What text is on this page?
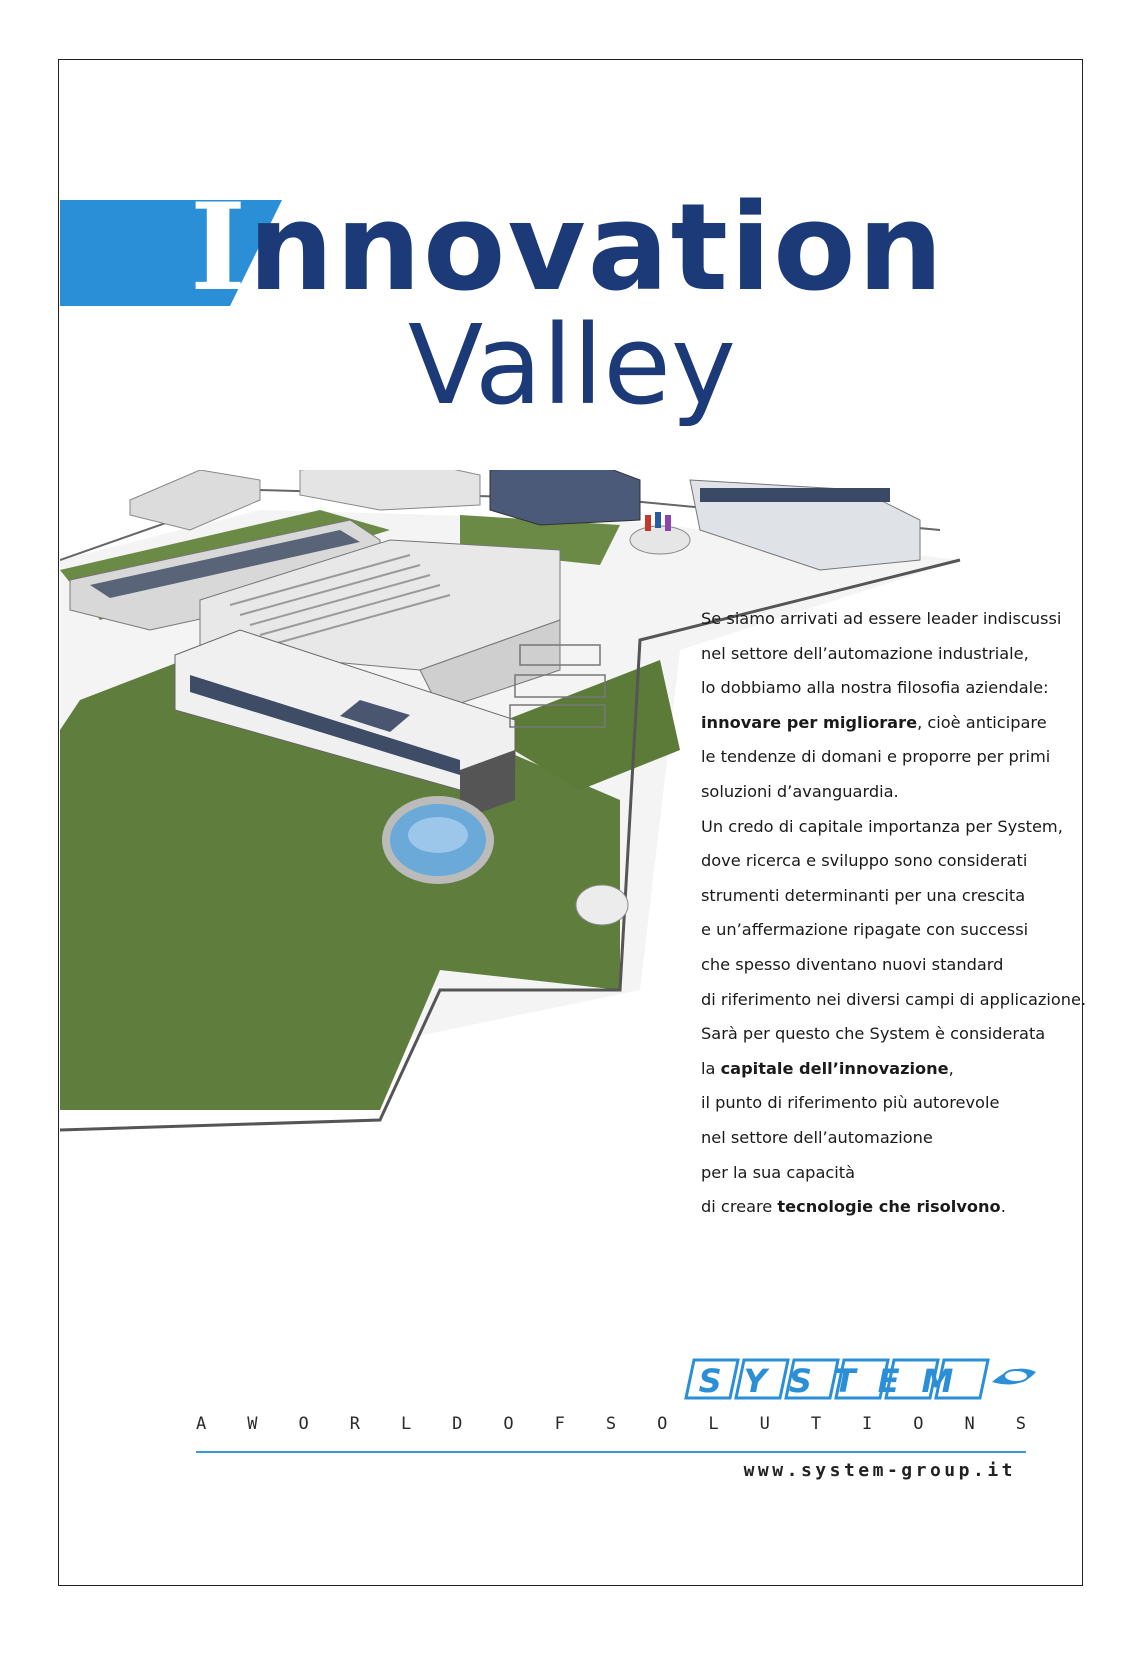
Innovation
Valley

Se siamo arrivati ad essere leader indiscussi

nel settore dell’automazione industriale,

lo dobbiamo alla nostra filosofia aziendale:

innovare per migliorare, cioè anticipare

le tendenze di domani e proporre per primi

soluzioni d’avanguardia.

Un credo di capitale importanza per System,

dove ricerca e sviluppo sono considerati

strumenti determinanti per una crescita

e un’affermazione ripagate con successi

che spesso diventano nuovi standard

di riferimento nei diversi campi di applicazione.

Sarà per questo che System è considerata

la capitale dell’innovazione,

il punto di riferimento più autorevole

nel settore dell’automazione

per la sua capacità

di creare tecnologie che risolvono.

SYSTEM
A W O R L D O F S O L U T I O N S
www.system-group.it
